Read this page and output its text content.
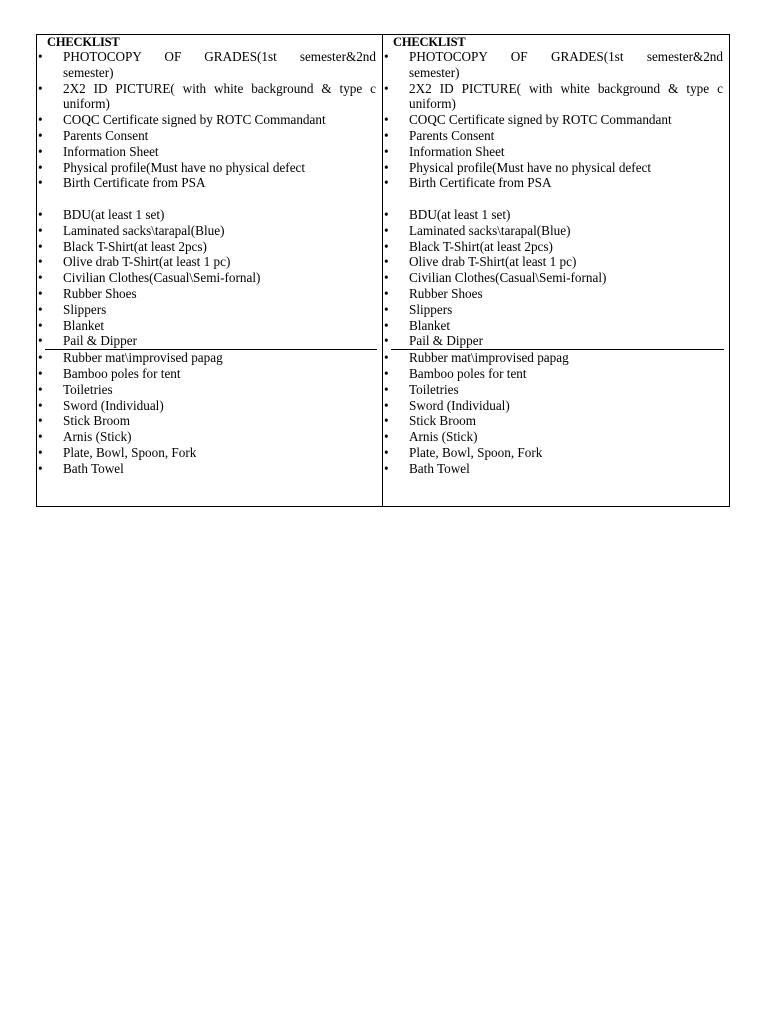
CHECKLIST
•	PHOTOCOPY OF GRADES(1st semester&2nd
semester)
•	2X2 ID PICTURE( with white background & type c
uniform)
•	COQC Certificate signed by ROTC Commandant
•	Parents Consent
•	Information Sheet
•	Physical profile(Must have no physical defect
•	Birth Certificate from PSA
•	BDU(at least 1 set)
•	Laminated sacks\tarapal(Blue)
•	Black T-Shirt(at least 2pcs)
•	Olive drab T-Shirt(at least 1 pc)
•	Civilian Clothes(Casual\Semi-fornal)
•	Rubber Shoes
•	Slippers
•	Blanket
•	Pail & Dipper
•	Rubber mat\improvised papag
•	Bamboo poles for tent
•	Toiletries
•	Sword (Individual)
•	Stick Broom
•	Arnis (Stick)
•	Plate, Bowl, Spoon, Fork
•	Bath Towel
CHECKLIST
•	PHOTOCOPY OF GRADES(1st semester&2nd
semester)
•	2X2 ID PICTURE( with white background & type c
uniform)
•	COQC Certificate signed by ROTC Commandant
•	Parents Consent
•	Information Sheet
•	Physical profile(Must have no physical defect
•	Birth Certificate from PSA
•	BDU(at least 1 set)
•	Laminated sacks\tarapal(Blue)
•	Black T-Shirt(at least 2pcs)
•	Olive drab T-Shirt(at least 1 pc)
•	Civilian Clothes(Casual\Semi-fornal)
•	Rubber Shoes
•	Slippers
•	Blanket
•	Pail & Dipper
•	Rubber mat\improvised papag
•	Bamboo poles for tent
•	Toiletries
•	Sword (Individual)
•	Stick Broom
•	Arnis (Stick)
•	Plate, Bowl, Spoon, Fork
•	Bath Towel
